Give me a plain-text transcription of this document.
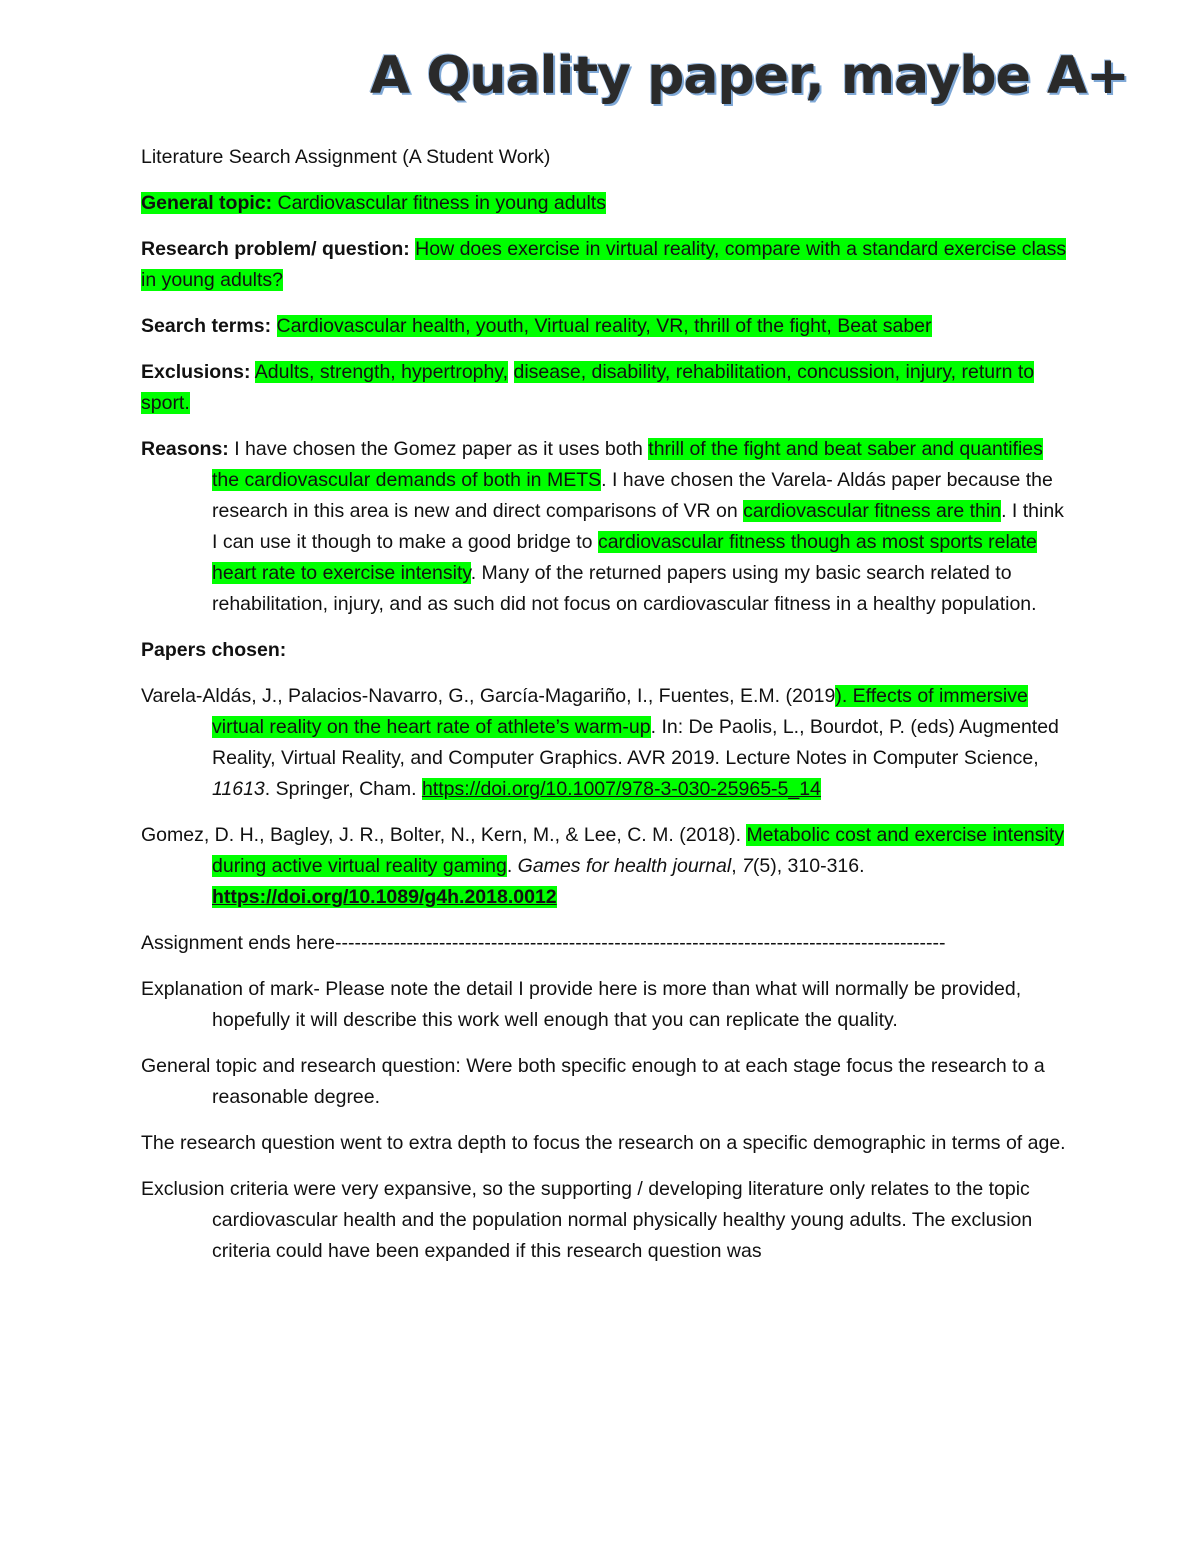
A Quality paper, maybe A+

Literature Search Assignment (A Student Work)

General topic: Cardiovascular fitness in young adults

Research problem/ question: How does exercise in virtual reality, compare with a standard exercise class in young adults?

Search terms: Cardiovascular health, youth, Virtual reality, VR, thrill of the fight, Beat saber

Exclusions: Adults, strength, hypertrophy, disease, disability, rehabilitation, concussion, injury, return to sport.

Reasons: I have chosen the Gomez paper as it uses both thrill of the fight and beat saber and quantifies the cardiovascular demands of both in METS. I have chosen the Varela- Aldás paper because the research in this area is new and direct comparisons of VR on cardiovascular fitness are thin. I think I can use it though to make a good bridge to cardiovascular fitness though as most sports relate heart rate to exercise intensity. Many of the returned papers using my basic search related to rehabilitation, injury, and as such did not focus on cardiovascular fitness in a healthy population.

Papers chosen:

Varela-Aldás, J., Palacios-Navarro, G., García-Magariño, I., Fuentes, E.M. (2019). Effects of immersive virtual reality on the heart rate of athlete’s warm-up. In: De Paolis, L., Bourdot, P. (eds) Augmented Reality, Virtual Reality, and Computer Graphics. AVR 2019. Lecture Notes in Computer Science, 11613. Springer, Cham. https://doi.org/10.1007/978-3-030-25965-5_14

Gomez, D. H., Bagley, J. R., Bolter, N., Kern, M., & Lee, C. M. (2018). Metabolic cost and exercise intensity during active virtual reality gaming. Games for health journal, 7(5), 310-316. https://doi.org/10.1089/g4h.2018.0012

Assignment ends here----------------------------------------------------------------------------------------------

Explanation of mark- Please note the detail I provide here is more than what will normally be provided, hopefully it will describe this work well enough that you can replicate the quality.

General topic and research question: Were both specific enough to at each stage focus the research to a reasonable degree.

The research question went to extra depth to focus the research on a specific demographic in terms of age.

Exclusion criteria were very expansive, so the supporting / developing literature only relates to the topic cardiovascular health and the population normal physically healthy young adults. The exclusion criteria could have been expanded if this research question was
